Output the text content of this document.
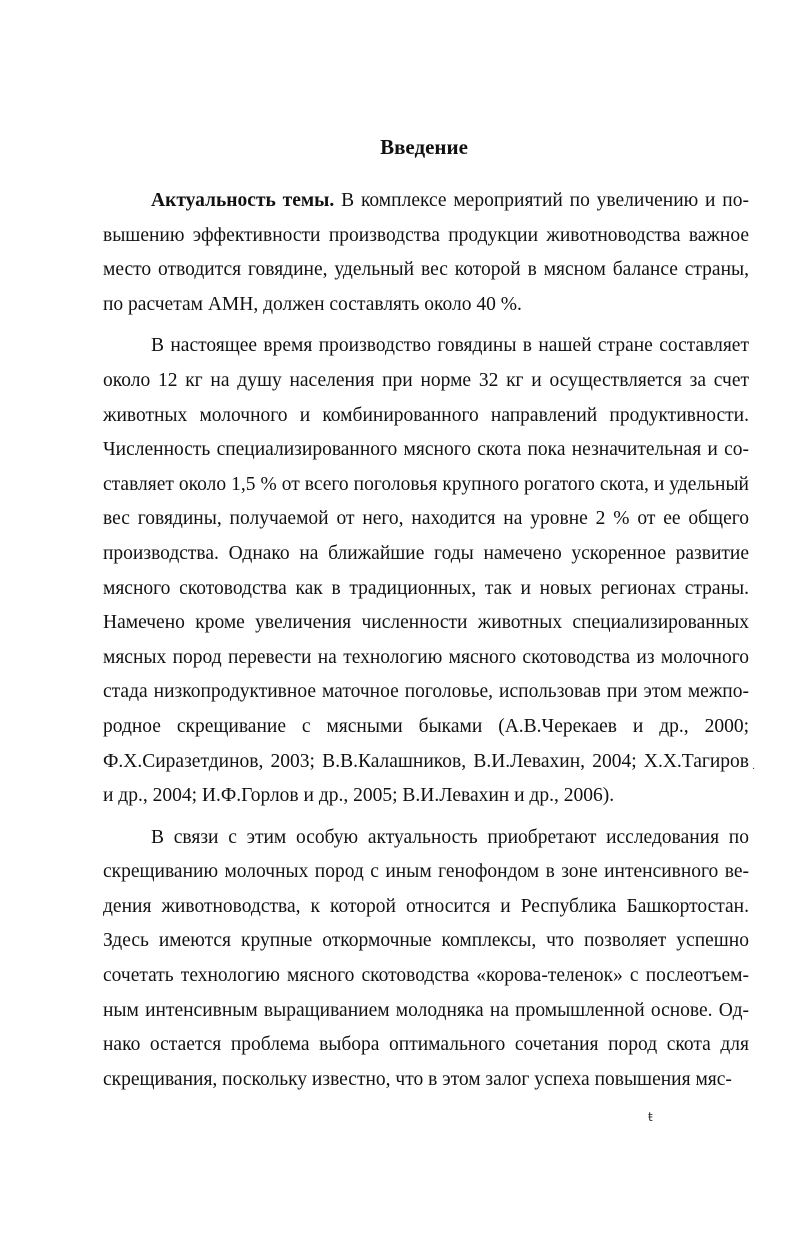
Введение

Актуальность темы. В комплексе мероприятий по увеличению и повышению эффективности производства продукции животноводства важное место отводится говядине, удельный вес которой в мясном балансе страны, по расчетам АМН, должен составлять около 40 %.

В настоящее время производство говядины в нашей стране составляет около 12 кг на душу населения при норме 32 кг и осуществляется за счет животных молочного и комбинированного направлений продуктивности. Численность специализированного мясного скота пока незначительная и составляет около 1,5 % от всего поголовья крупного рогатого скота, и удельный вес говядины, получаемой от него, находится на уровне 2 % от ее общего производства. Однако на ближайшие годы намечено ускоренное развитие мясного скотоводства как в традиционных, так и новых регионах страны. Намечено кроме увеличения численности животных специализированных мясных пород перевести на технологию мясного скотоводства из молочного стада низкопродуктивное маточное поголовье, использовав при этом межпородное скрещивание с мясными быками (А.В.Черекаев и др., 2000; Ф.Х.Сиразетдинов, 2003; В.В.Калашников, В.И.Левахин, 2004; Х.Х.Тагиров и др., 2004; И.Ф.Горлов и др., 2005; В.И.Левахин и др., 2006).

В связи с этим особую актуальность приобретают исследования по скрещиванию молочных пород с иным генофондом в зоне интенсивного ведения животноводства, к которой относится и Республика Башкортостан. Здесь имеются крупные откормочные комплексы, что позволяет успешно сочетать технологию мясного скотоводства «корова-теленок» с послеотъемным интенсивным выращиванием молодняка на промышленной основе. Однако остается проблема выбора оптимального сочетания пород скота для скрещивания, поскольку известно, что в этом залог успеха повышения мяс-

.
ŧ
